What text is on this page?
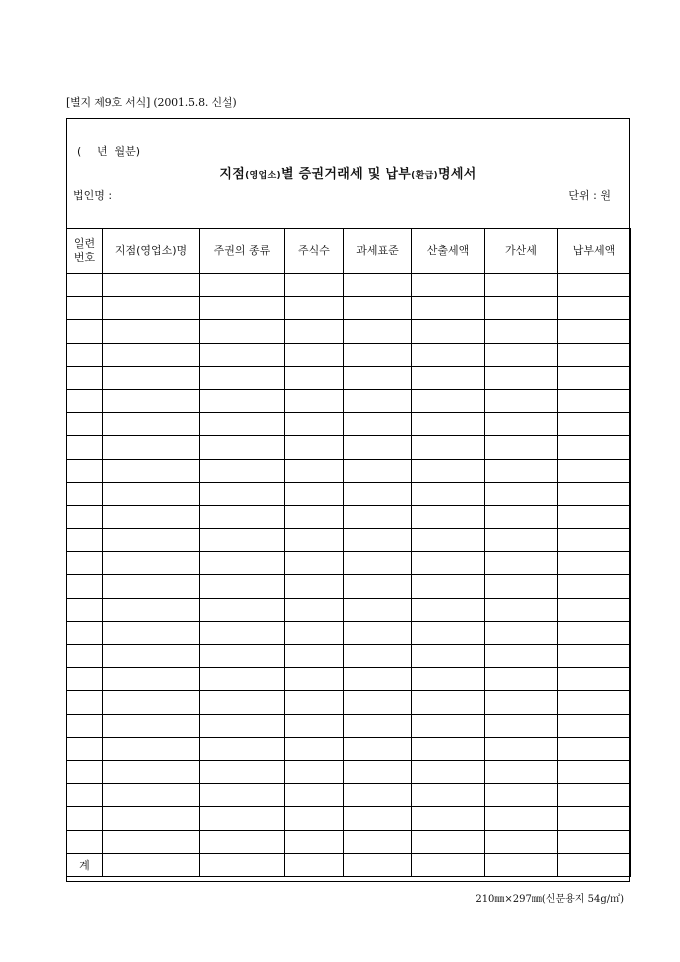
[별지 제9호 서식] (2001.5.8. 신설)
( 년 월분)
지점(영업소)별 증권거래세 및 납부(환급)명세서
법인명 :	단위 : 원
일련
번호	지점(영업소)명	주권의 종류	주식수	과세표준	산출세액	가산세	납부세액

계							
210㎜×297㎜(신문용지 54g/㎡)
